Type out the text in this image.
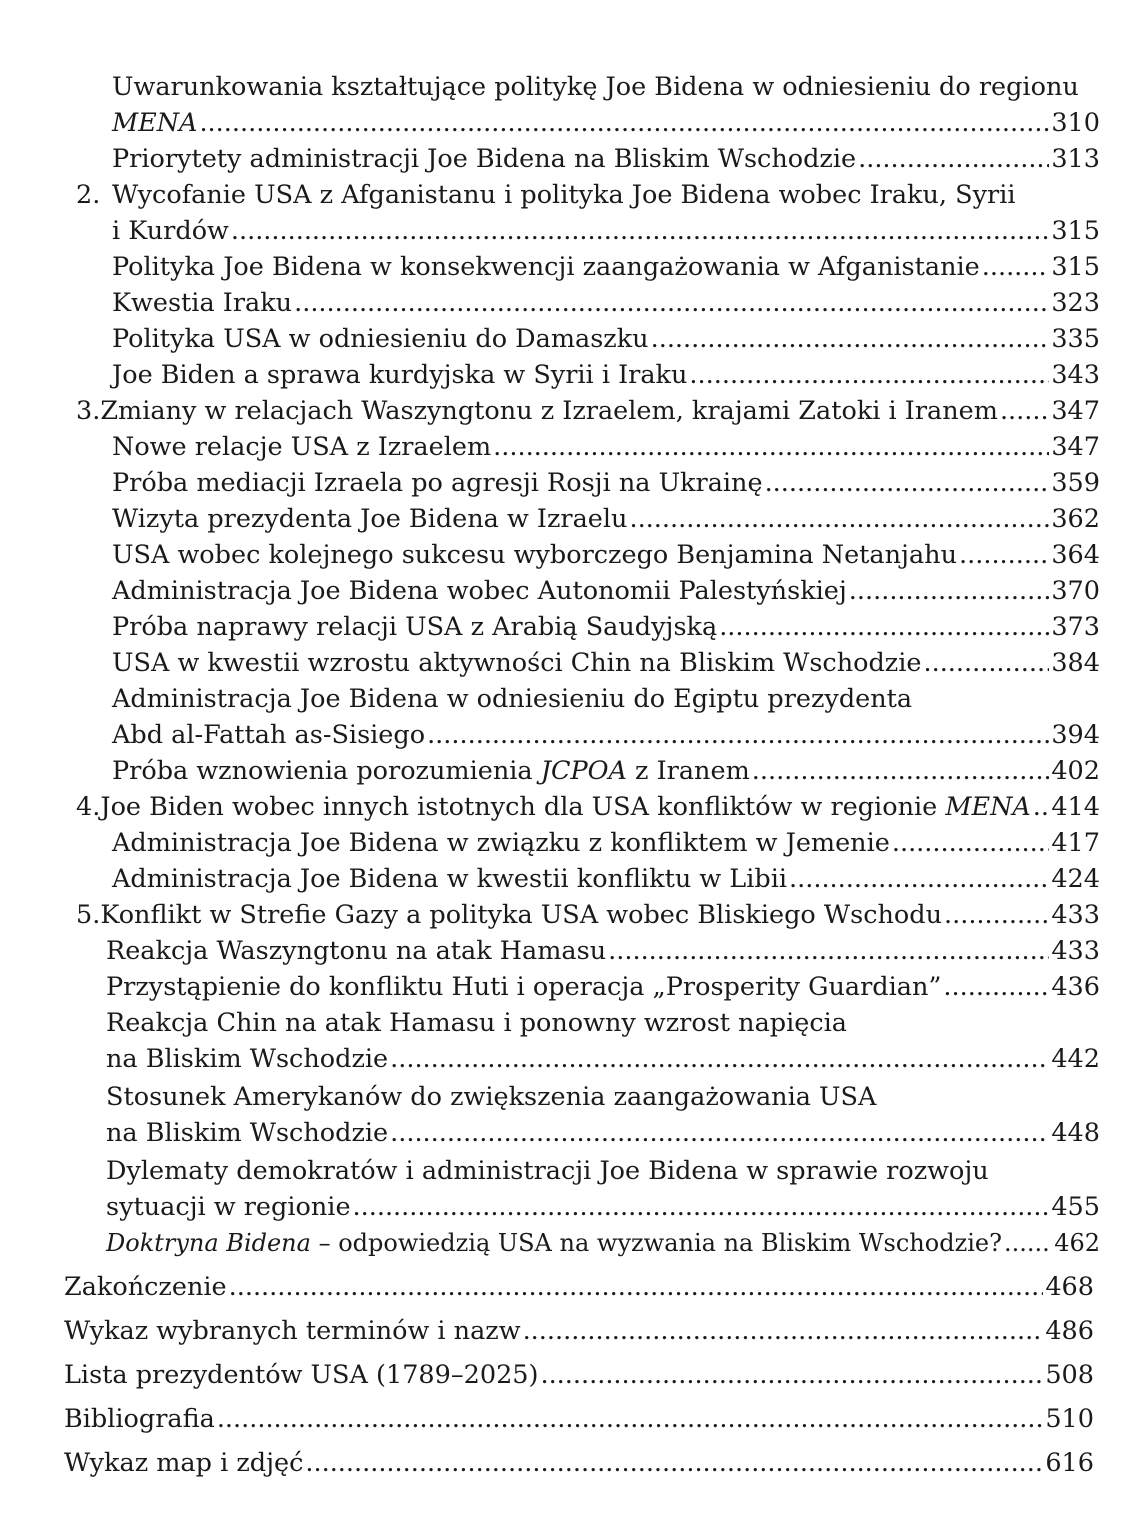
Uwarunkowania kształtujące politykę Joe Bidena w odniesieniu do regionu
MENA .....	310
Priorytety administracji Joe Bidena na Bliskim Wschodzie .....	313
2. Wycofanie USA z Afganistanu i polityka Joe Bidena wobec Iraku, Syrii
i Kurdów .....	315
Polityka Joe Bidena w konsekwencji zaangażowania w Afganistanie .....	315
Kwestia Iraku .....	323
Polityka USA w odniesieniu do Damaszku .....	335
Joe Biden a sprawa kurdyjska w Syrii i Iraku .....	343
3. Zmiany w relacjach Waszyngtonu z Izraelem, krajami Zatoki i Iranem ..... 347
Nowe relacje USA z Izraelem .....	347
Próba mediacji Izraela po agresji Rosji na Ukrainę .....	359
Wizyta prezydenta Joe Bidena w Izraelu .....	362
USA wobec kolejnego sukcesu wyborczego Benjamina Netanjahu .....	364
Administracja Joe Bidena wobec Autonomii Palestyńskiej .....	370
Próba naprawy relacji USA z Arabią Saudyjską .....	373
USA w kwestii wzrostu aktywności Chin na Bliskim Wschodzie .....	384
Administracja Joe Bidena w odniesieniu do Egiptu prezydenta
Abd al-Fattah as-Sisiego .....	394
Próba wznowienia porozumienia JCPOA z Iranem .....	402
4. Joe Biden wobec innych istotnych dla USA konfliktów w regionie MENA ..... 414
Administracja Joe Bidena w związku z konfliktem w Jemenie .....	417
Administracja Joe Bidena w kwestii konfliktu w Libii .....	424
5. Konflikt w Strefie Gazy a polityka USA wobec Bliskiego Wschodu .....	433
Reakcja Waszyngtonu na atak Hamasu .....	433
Przystąpienie do konfliktu Huti i operacja „Prosperity Guardian” .....	436
Reakcja Chin na atak Hamasu i ponowny wzrost napięcia
na Bliskim Wschodzie .....	442
Stosunek Amerykanów do zwiększenia zaangażowania USA
na Bliskim Wschodzie .....	448
Dylematy demokratów i administracji Joe Bidena w sprawie rozwoju
sytuacji w regionie .....	455
Doktryna Bidena – odpowiedzią USA na wyzwania na Bliskim Wschodzie? ..... 462
Zakończenie .....	468
Wykaz wybranych terminów i nazw .....	486
Lista prezydentów USA (1789–2025) .....	508
Bibliografia .....	510
Wykaz map i zdjęć .....	616
